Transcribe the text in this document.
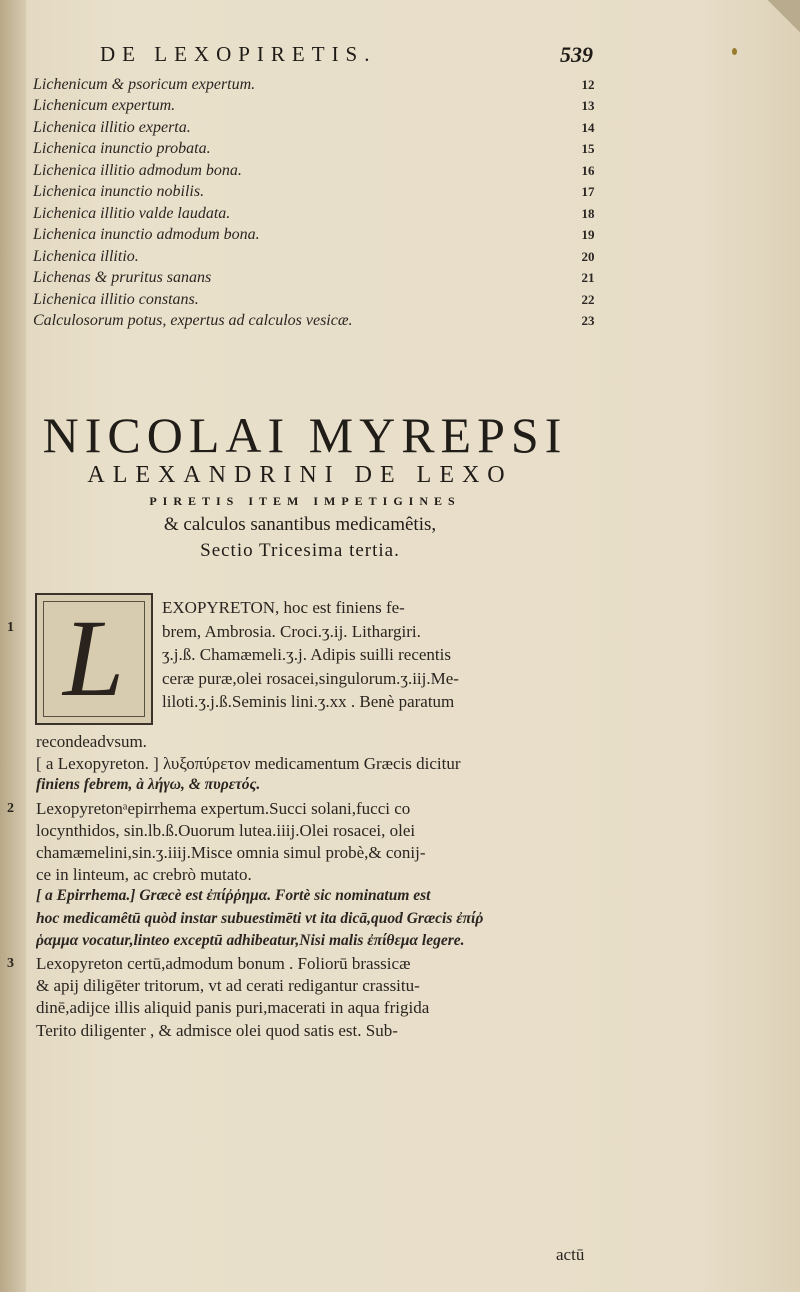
DE LEXOPIRETIS.	539
Lichenicum & psoricum expertum.	12
Lichenicum expertum.	13
Lichenica illitio experta.	14
Lichenica inunctio probata.	15
Lichenica illitio admodum bona.	16
Lichenica inunctio nobilis.	17
Lichenica illitio valde laudata.	18
Lichenica inunctio admodum bona.	19
Lichenica illitio.	20
Lichenas & pruritus sanans	21
Lichenica illitio constans.	22
Calculosorum potus, expertus ad calculos vesicæ.	23
NICOLAI MYREPSI
ALEXANDRINI DE LEXO
PIRETIS ITEM IMPETIGINES
& calculos sanantibus medicamêtis,
Sectio Tricesima tertia.
1 L EXOPYRETON, hoc est finiens fe-
brem, Ambrosia. Croci.ʒ.ij. Lithargiri.
ʒ.j.ß. Chamæmeli.ʒ.j. Adipis suilli recentis
ceræ puræ,olei rosacei,singulorum.ʒ.iij.Me-
liloti.ʒ.j.ß.Seminis lini.ʒ.xx . Benè paratum
recondeadvsum.
[ a Lexopyreton. ] λυξοπύρετον medicamentum Græcis dicitur
finiens febrem, à λήγω, & πυρετός.
Lexopyretonᵃepirrhema expertum.Succi solani,fucci co
2
locynthidos, sin.lb.ß.Ouorum lutea.iiij.Olei rosacei, olei
chamæmelini,sin.ʒ.iiij.Misce omnia simul probè,& conij-
ce in linteum, ac crebrò mutato.
[ a Epirrhema.] Græcè est ἐπίῤῥημα. Fortè sic nominatum est
hoc medicamêtū quòd instar subuestimēti vt ita dicā,quod Græcis ἐπίῤ
ῥαμμα vocatur,linteo exceptū adhibeatur,Nisi malis ἐπίθεμα legere.
Lexopyreton certū,admodum bonum . Foliorū brassicæ
3
& apij diligēter tritorum, vt ad cerati redigantur crassitu-
dinē,adijce illis aliquid panis puri,macerati in aqua frigida
Terito diligenter , & admisce olei quod satis est. Sub-
actū
